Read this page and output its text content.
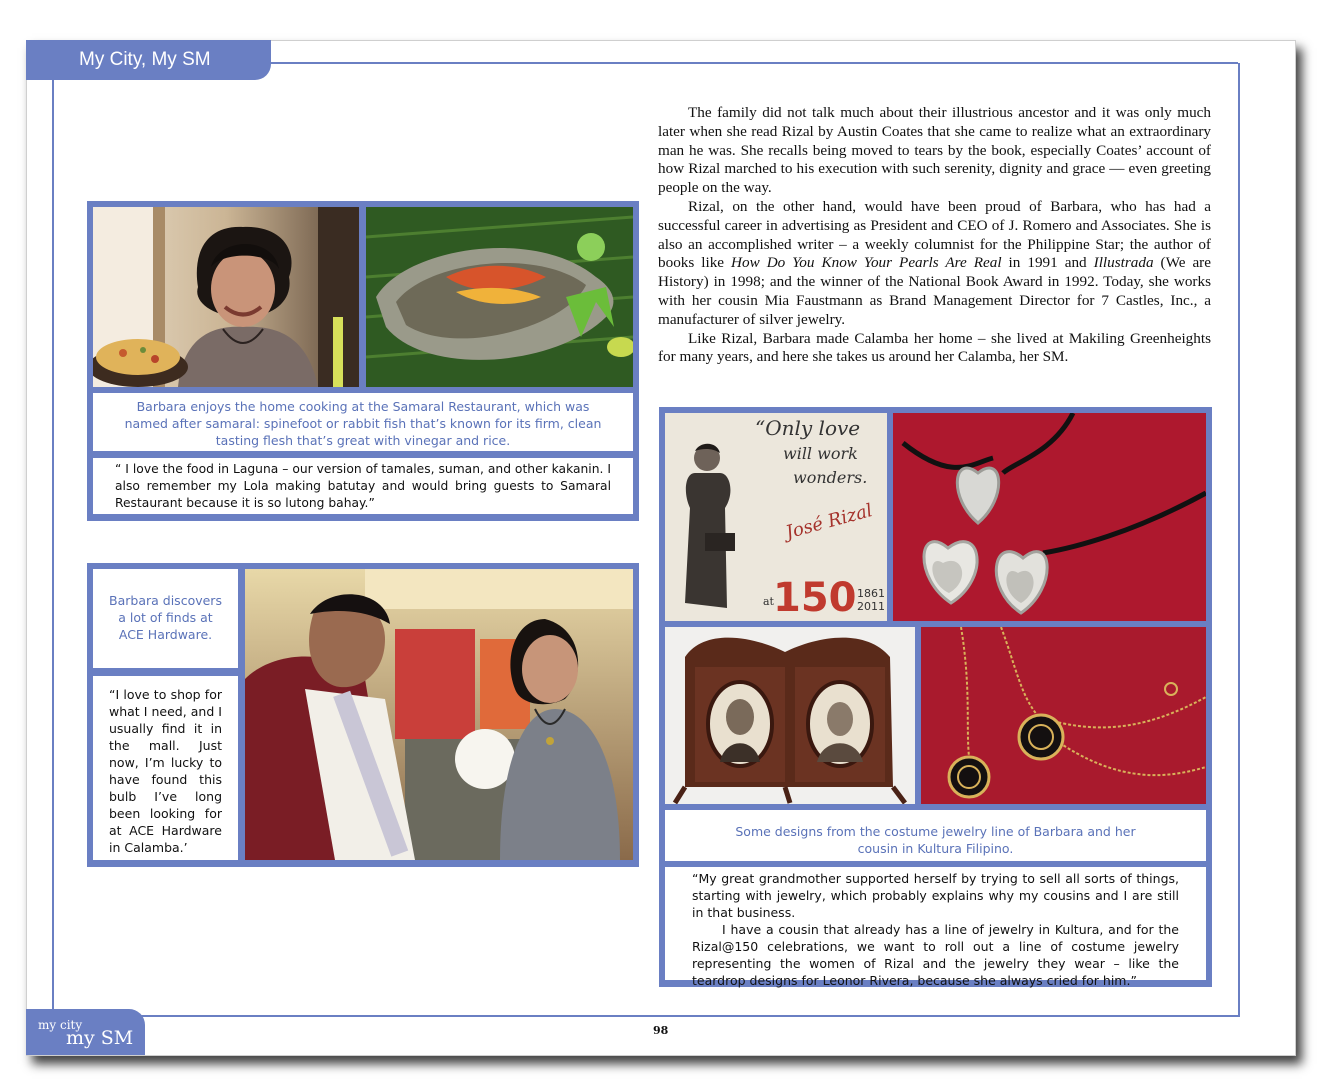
My City, My SM

The family did not talk much about their illustrious ancestor and it was only much later when she read Rizal by Austin Coates that she came to realize what an extraordinary man he was. She recalls being moved to tears by the book, especially Coates’ account of how Rizal marched to his execution with such serenity, dignity and grace — even greeting people on the way.

Rizal, on the other hand, would have been proud of Barbara, who has had a successful career in advertising as President and CEO of J. Romero and Associates. She is also an accomplished writer – a weekly columnist for the Philippine Star; the author of books like How Do You Know Your Pearls Are Real in 1991 and Illustrada (We are History) in 1998; and the winner of the National Book Award in 1992. Today, she works with her cousin Mia Faustmann as Brand Management Director for 7 Castles, Inc., a manufacturer of silver jewelry.

Like Rizal, Barbara made Calamba her home – she lived at Makiling Greenheights for many years, and here she takes us around her Calamba, her SM.

Barbara enjoys the home cooking at the Samaral Restaurant, which was named after samaral: spinefoot or rabbit fish that’s known for its firm, clean tasting flesh that’s great with vinegar and rice.
“ I love the food in Laguna – our version of tamales, suman, and other kakanin. I also remember my Lola making batutay and would bring guests to Samaral Restaurant because it is so lutong bahay.”
Barbara discovers a lot of finds at ACE Hardware.
“I love to shop for what I need, and I usually find it in the mall. Just now, I’m lucky to have found this bulb I’ve long been looking for at ACE Hardware in Calamba.’
“Only love
will work
wonders.
José Rizal
at 150 1861
2011
Some designs from the costume jewelry line of Barbara and her cousin in Kultura Filipino.

“My great grandmother supported herself by trying to sell all sorts of things, starting with jewelry, which probably explains why my cousins and I are still in that business.

I have a cousin that already has a line of jewelry in Kultura, and for the Rizal@150 celebrations, we want to roll out a line of costume jewelry representing the women of Rizal and the jewelry they wear – like the teardrop designs for Leonor Rivera, because she always cried for him.”

98
my city
my SM
